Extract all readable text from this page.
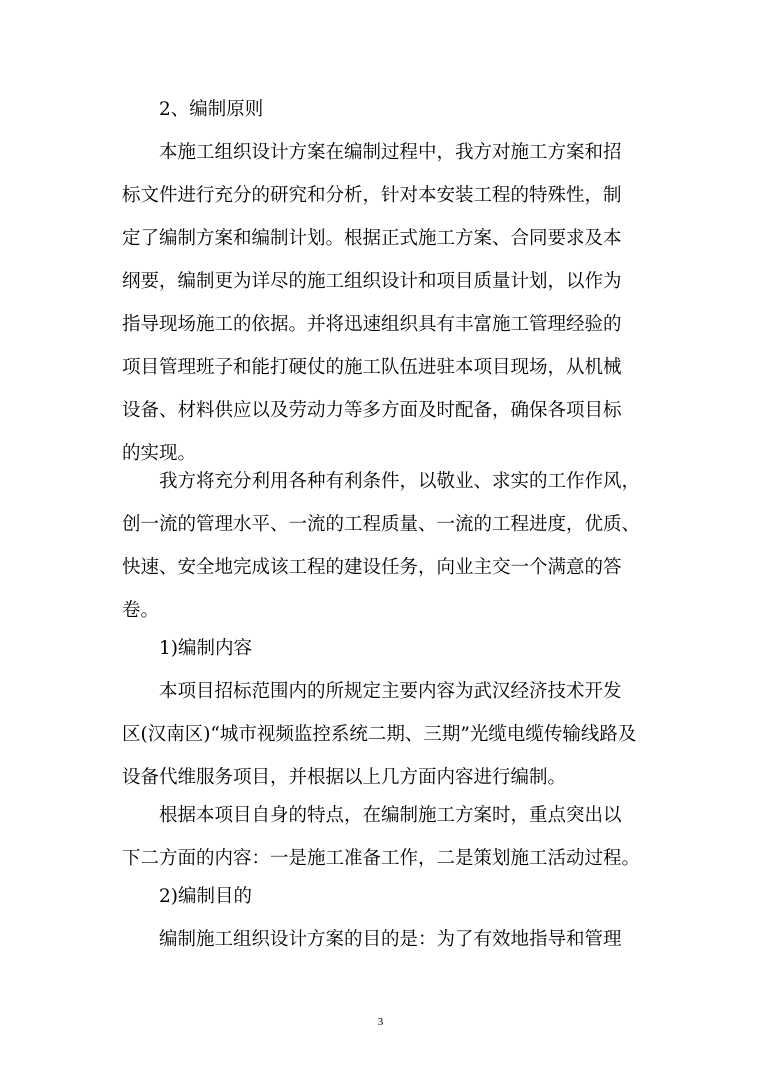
2、编制原则
本施工组织设计方案在编制过程中，我方对施工方案和招
标文件进行充分的研究和分析，针对本安装工程的特殊性，制
定了编制方案和编制计划。根据正式施工方案、合同要求及本
纲要，编制更为详尽的施工组织设计和项目质量计划，以作为
指导现场施工的依据。并将迅速组织具有丰富施工管理经验的
项目管理班子和能打硬仗的施工队伍进驻本项目现场，从机械
设备、材料供应以及劳动力等多方面及时配备，确保各项目标
的实现。
我方将充分利用各种有利条件，以敬业、求实的工作作风，
创一流的管理水平、一流的工程质量、一流的工程进度，优质、
快速、安全地完成该工程的建设任务，向业主交一个满意的答
卷。
1)编制内容
本项目招标范围内的所规定主要内容为武汉经济技术开发
区(汉南区)“城市视频监控系统二期、三期”光缆电缆传输线路及
设备代维服务项目，并根据以上几方面内容进行编制。
根据本项目自身的特点，在编制施工方案时，重点突出以
下二方面的内容：一是施工准备工作，二是策划施工活动过程。
2)编制目的
编制施工组织设计方案的目的是：为了有效地指导和管理
3
